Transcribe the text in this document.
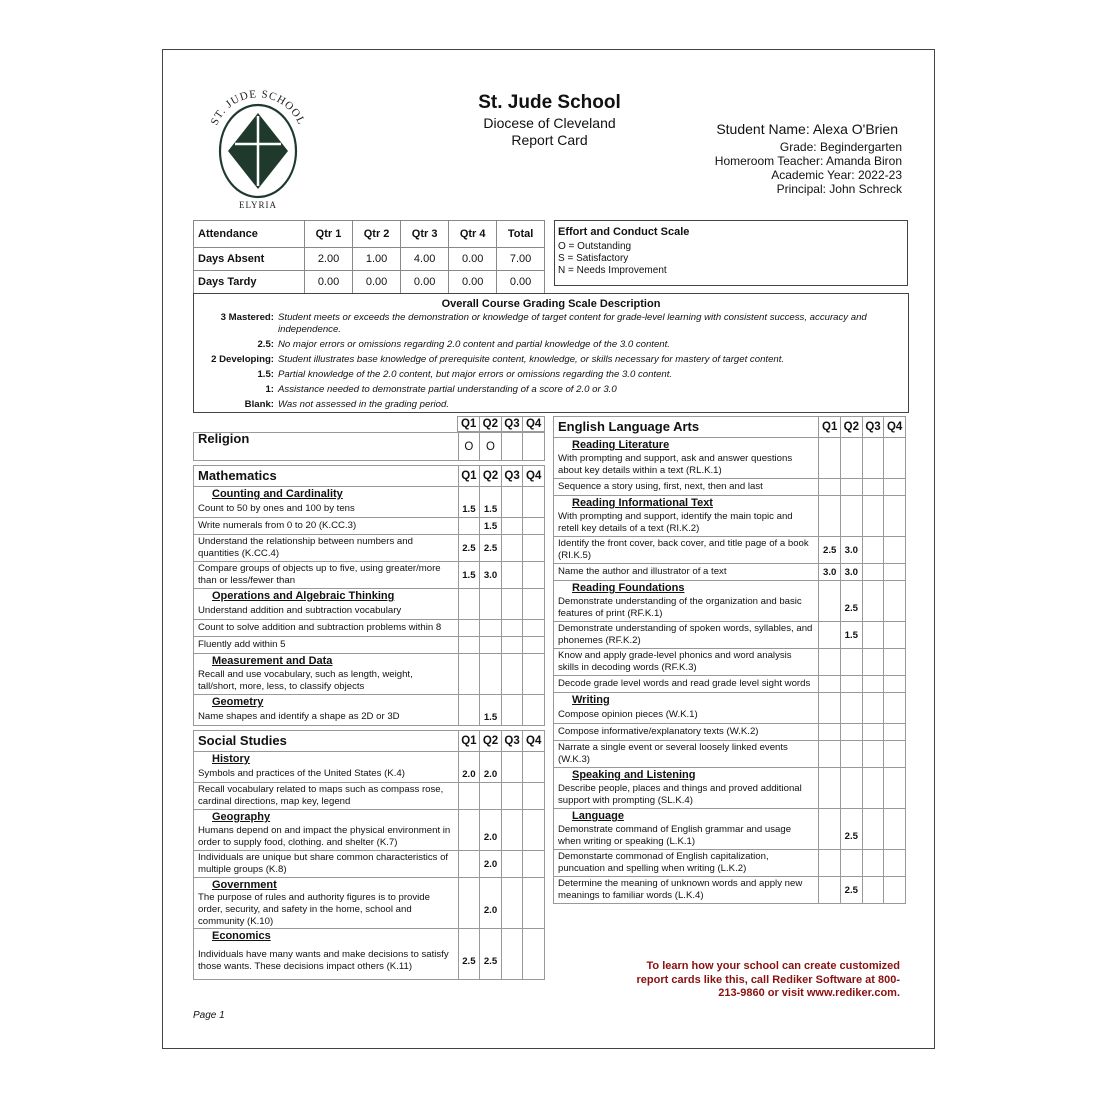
ST. JUDE SCHOOL
ELYRIA
St. Jude School
Diocese of Cleveland
Report Card
Student Name: Alexa O'Brien
Grade: Begindergarten
Homeroom Teacher: Amanda Biron
Academic Year: 2022-23
Principal: John Schreck
Attendance	Qtr 1	Qtr 2	Qtr 3	Qtr 4	Total
Days Absent	2.00	1.00	4.00	0.00	7.00
Days Tardy	0.00	0.00	0.00	0.00	0.00
Effort and Conduct Scale
O = Outstanding
S = Satisfactory
N = Needs Improvement
Overall Course Grading Scale Description
3 Mastered: Student meets or exceeds the demonstration or knowledge of target content for grade-level learning with consistent success, accuracy and independence.
2.5: No major errors or omissions regarding 2.0 content and partial knowledge of the 3.0 content.
2 Developing: Student illustrates base knowledge of prerequisite content, knowledge, or skills necessary for mastery of target content.
1.5: Partial knowledge of the 2.0 content, but major errors or omissions regarding the 3.0 content.
1: Assistance needed to demonstrate partial understanding of a score of 2.0 or 3.0
Blank: Was not assessed in the grading period.
	Q1	Q2	Q3	Q4
Religion	O	O		
Mathematics	Q1	Q2	Q3	Q4
Counting and Cardinality				
Count to 50 by ones and 100 by tens	1.5	1.5		
Write numerals from 0 to 20 (K.CC.3)		1.5		
Understand the relationship between numbers and quantities (K.CC.4)	2.5	2.5		
Compare groups of objects up to five, using greater/more than or less/fewer than	1.5	3.0		
Operations and Algebraic Thinking				
Understand addition and subtraction vocabulary				
Count to solve addition and subtraction problems within 8				
Fluently add within 5				
Measurement and Data				
Recall and use vocabulary, such as length, weight, tall/short, more, less, to classify objects				
Geometry				
Name shapes and identify a shape as 2D or 3D		1.5		
Social Studies	Q1	Q2	Q3	Q4
History				
Symbols and practices of the United States (K.4)	2.0	2.0		
Recall vocabulary related to maps such as compass rose, cardinal directions, map key, legend				
Geography				
Humans depend on and impact the physical environment in order to supply food, clothing. and shelter (K.7)		2.0		
Individuals are unique but share common characteristics of multiple groups (K.8)		2.0		
Government				
The purpose of rules and authority figures is to provide order, security, and safety in the home, school and community (K.10)		2.0		
Economics				
Individuals have many wants and make decisions to satisfy those wants. These decisions impact others (K.11)	2.5	2.5		
English Language Arts	Q1	Q2	Q3	Q4
Reading Literature				
With prompting and support, ask and answer questions about key details within a text (RL.K.1)				
Sequence a story using, first, next, then and last				
Reading Informational Text				
With prompting and support, identify the main topic and retell key details of a text (RI.K.2)				
Identify the front cover, back cover, and title page of a book (RI.K.5)	2.5	3.0		
Name the author and illustrator of a text	3.0	3.0		
Reading Foundations				
Demonstrate understanding of the organization and basic features of print (RF.K.1)		2.5		
Demonstrate understanding of spoken words, syllables, and phonemes (RF.K.2)		1.5		
Know and apply grade-level phonics and word analysis skills in decoding words (RF.K.3)				
Decode grade level words and read grade level sight words				
Writing				
Compose opinion pieces (W.K.1)				
Compose informative/explanatory texts (W.K.2)				
Narrate a single event or several loosely linked events (W.K.3)				
Speaking and Listening				
Describe people, places and things and proved additional support with prompting (SL.K.4)				
Language				
Demonstrate command of English grammar and usage when writing or speaking (L.K.1)		2.5		
Demonstarte commonad of English capitalization, puncuation and spelling when writing (L.K.2)				
Determine the meaning of unknown words and apply new meanings to familiar words (L.K.4)		2.5		
To learn how your school can create customized report cards like this, call Rediker Software at 800-213-9860 or visit www.rediker.com.
Page 1
